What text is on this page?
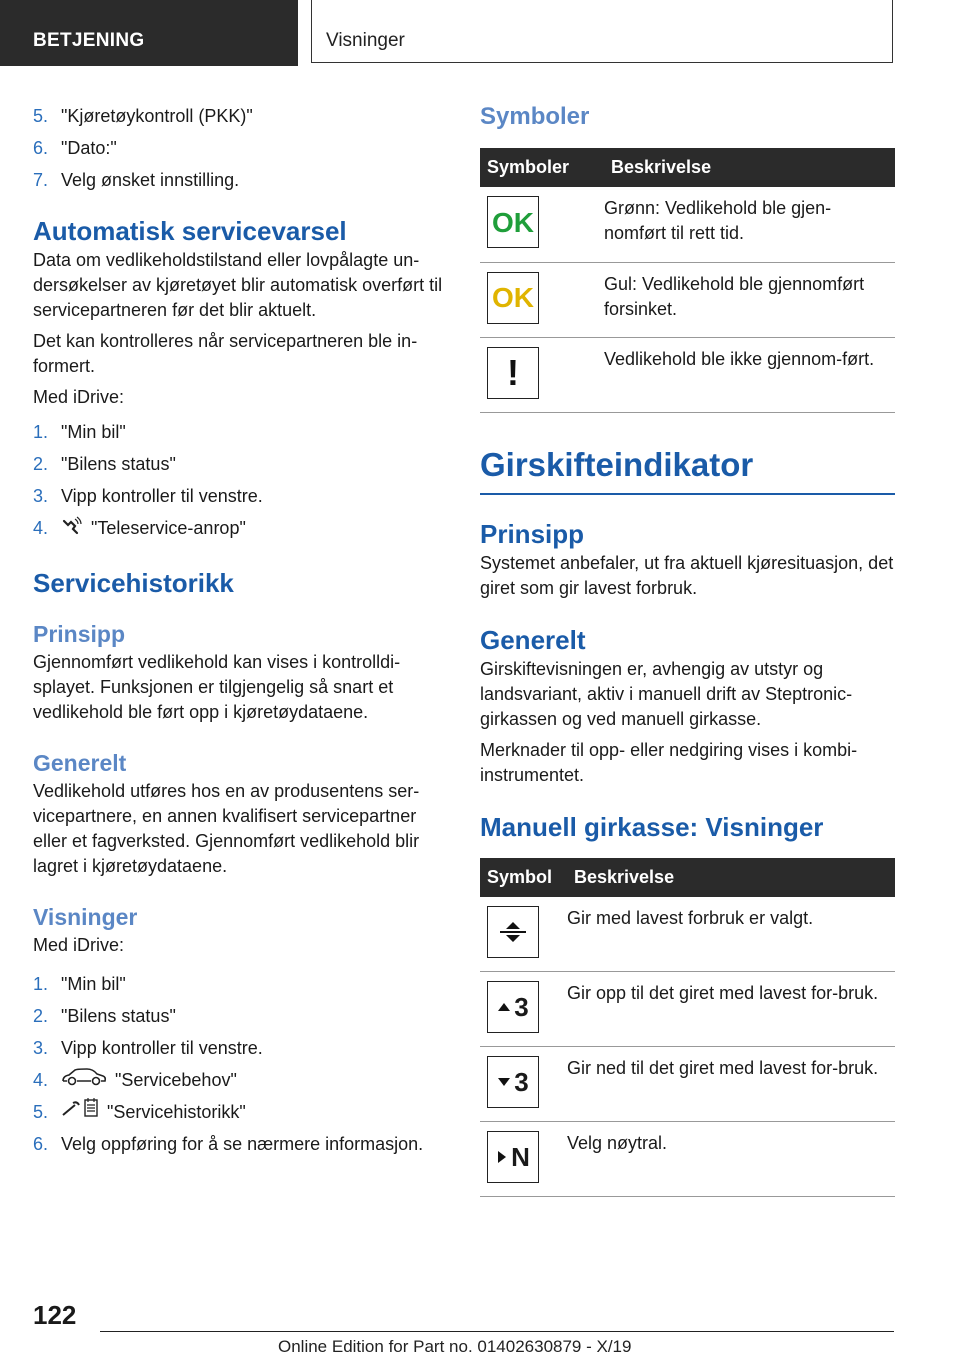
BETJENING	Visninger
5. "Kjøretøykontroll (PKK)"
6. "Dato:"
7. Velg ønsket innstilling.
Automatisk servicevarsel

Data om vedlikeholdstilstand eller lovpålagte un-dersøkelser av kjøretøyet blir automatisk overført til servicepartneren før det blir aktuelt.

Det kan kontrolleres når servicepartneren ble in-formert.

Med iDrive:

1. "Min bil"
2. "Bilens status"
3. Vipp kontroller til venstre.
4. "Teleservice-anrop"
Servicehistorikk
Prinsipp

Gjennomført vedlikehold kan vises i kontrolldi-splayet. Funksjonen er tilgjengelig så snart et vedlikehold ble ført opp i kjøretøydataene.

Generelt

Vedlikehold utføres hos en av produsentens ser-vicepartnere, en annen kvalifisert servicepartner eller et fagverksted. Gjennomført vedlikehold blir lagret i kjøretøydataene.

Visninger

Med iDrive:

1. "Min bil"
2. "Bilens status"
3. Vipp kontroller til venstre.
4.	"Servicebehov"
5.	"Servicehistorikk"
6. Velg oppføring for å se nærmere informasjon.
Symboler
Symboler	Beskrivelse

OK	Grønn: Vedlikehold ble gjen-nomført til rett tid.

OK	Gul: Vedlikehold ble gjennomført forsinket.

!	Vedlikehold ble ikke gjennom-ført.
Girskifteindikator
Prinsipp

Systemet anbefaler, ut fra aktuell kjøresituasjon, det giret som gir lavest forbruk.

Generelt

Girskiftevisningen er, avhengig av utstyr og landsvariant, aktiv i manuell drift av Steptronic-girkassen og ved manuell girkasse.

Merknader til opp- eller nedgiring vises i kombi-instrumentet.

Manuell girkasse: Visninger
Symbol	Beskrivelse

	Gir med lavest forbruk er valgt.

3	Gir opp til det giret med lavest for-bruk.

3	Gir ned til det giret med lavest for-bruk.

N	Velg nøytral.
122
Online Edition for Part no. 01402630879 - X/19
